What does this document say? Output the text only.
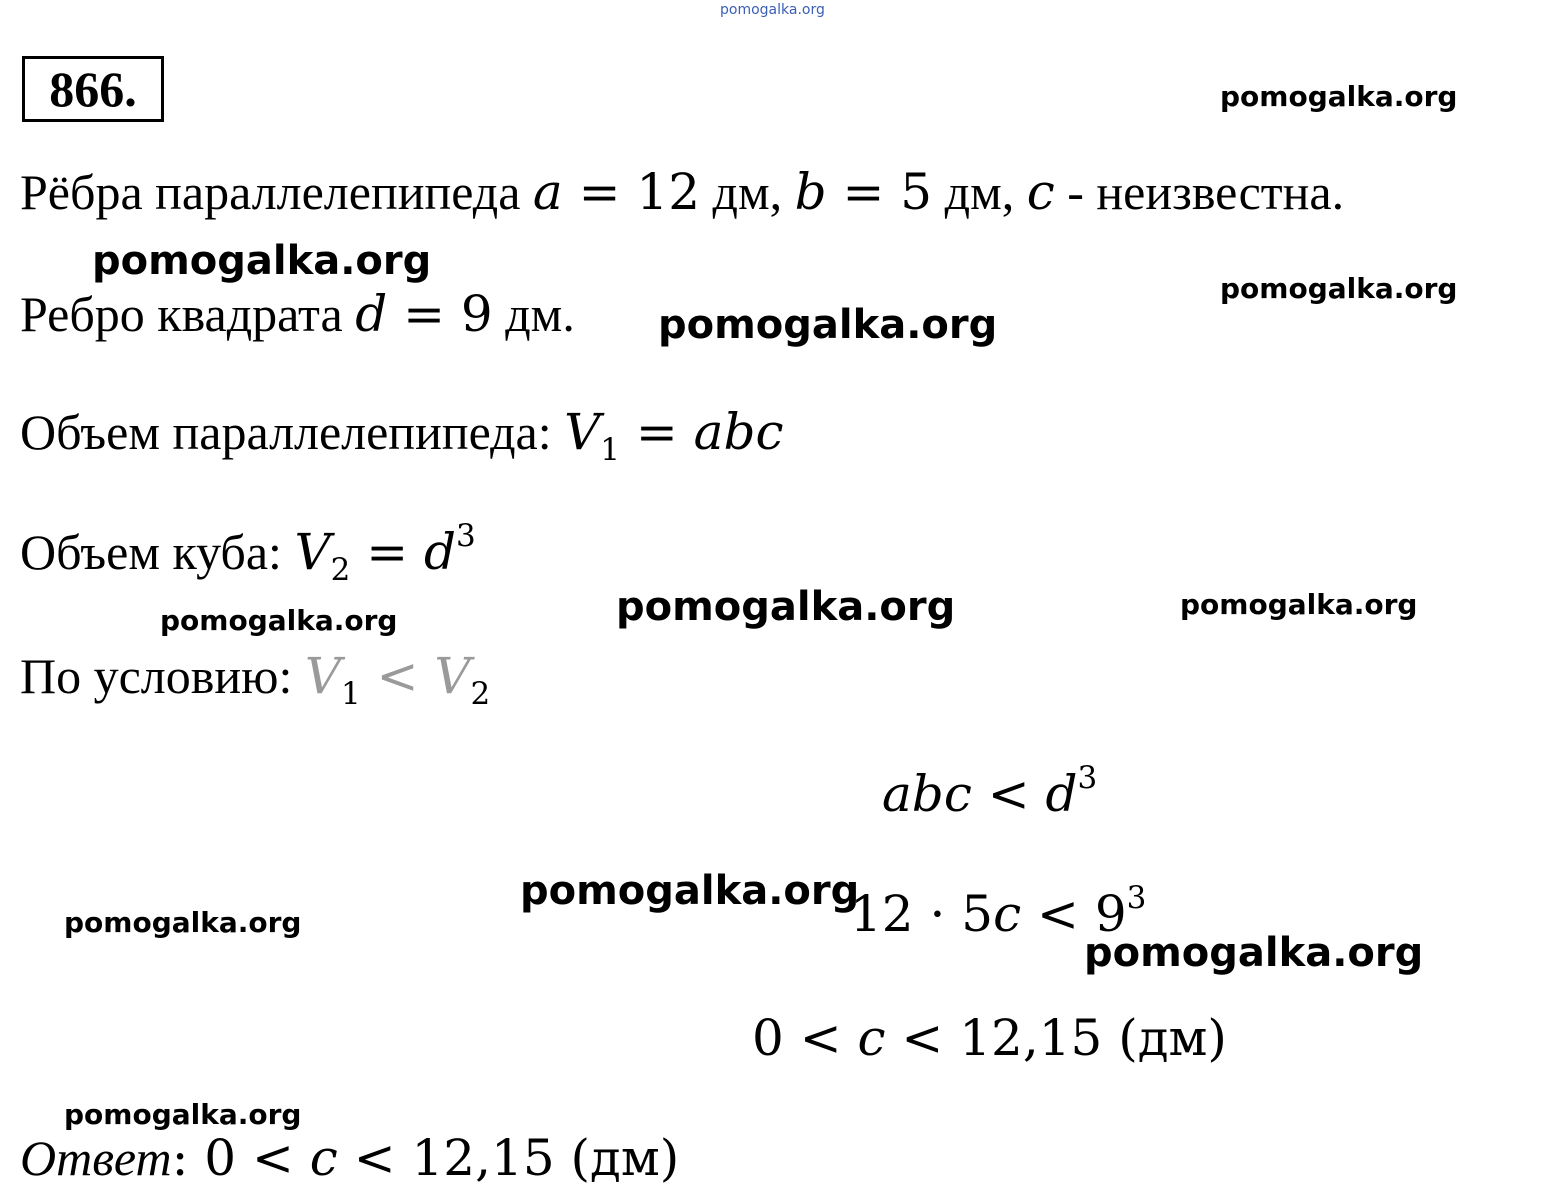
pomogalka.org
866.
Рёбра параллелепипеда a = 12 дм, b = 5 дм, c - неизвестна.
Ребро квадрата d = 9 дм.
Объем параллелепипеда: $V_1$ = abc
Объем куба: $V_2 = d^3$
По условию: $V_1 < V_2$
abc < $d^3$
$12 \cdot 5c < 9^3$
0 < c < 12,15 (дм)
Ответ: 0 < c < 12,15 (дм)
pomogalka.org
pomogalka.org
pomogalka.org
pomogalka.org
pomogalka.org	pomogalka.org	pomogalka.org
pomogalka.org
pomogalka.org
pomogalka.org
pomogalka.org
